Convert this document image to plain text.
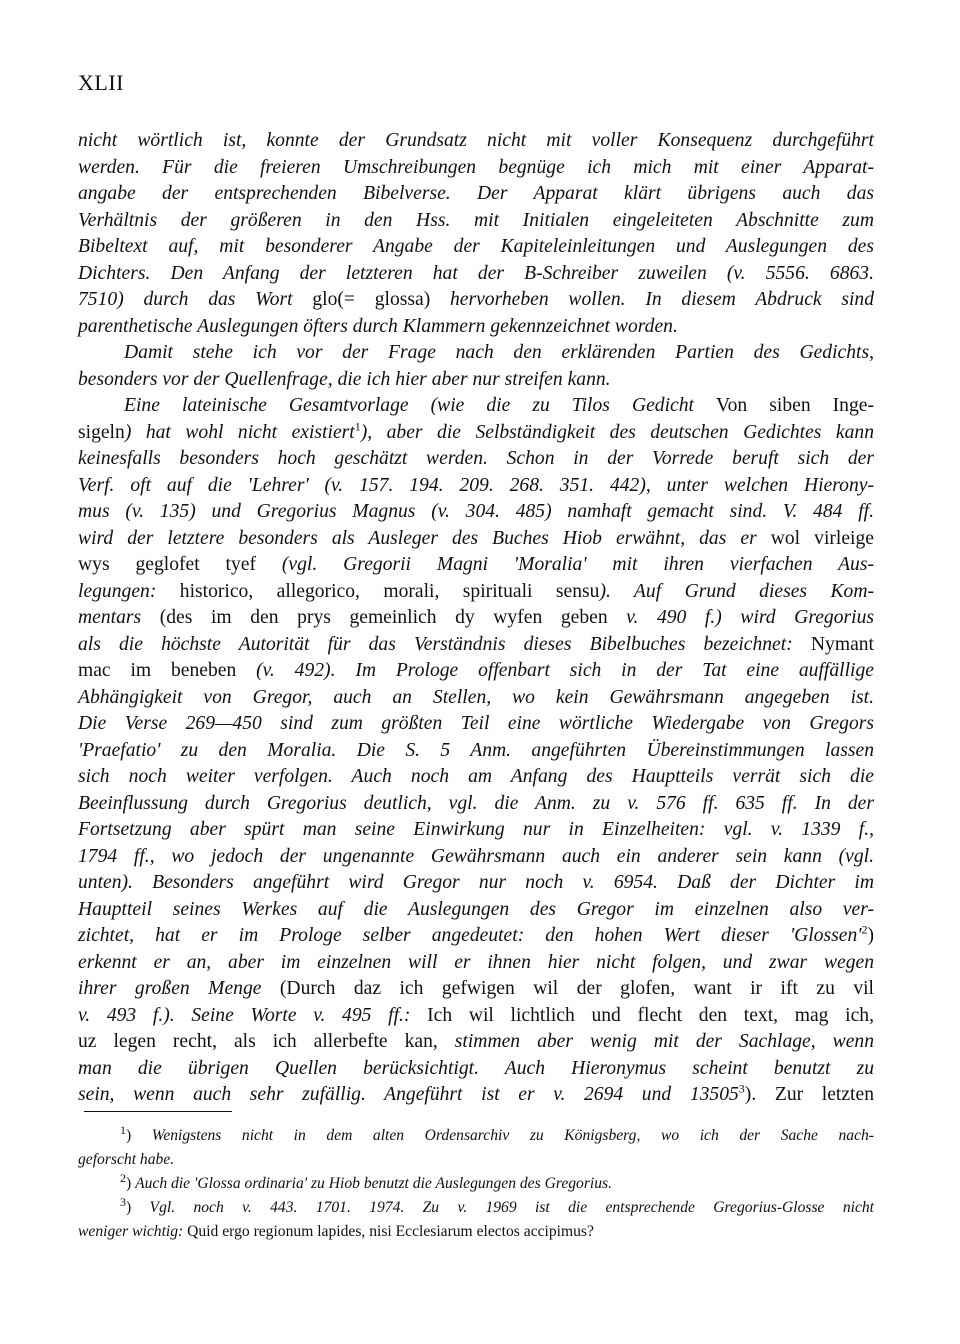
XLII
nicht wörtlich ist, konnte der Grundsatz nicht mit voller Konsequenz durchgeführt
werden. Für die freieren Umschreibungen begnüge ich mich mit einer Apparat-
angabe der entsprechenden Bibelverse. Der Apparat klärt übrigens auch das
Verhältnis der größeren in den Hss. mit Initialen eingeleiteten Abschnitte zum
Bibeltext auf, mit besonderer Angabe der Kapiteleinleitungen und Auslegungen des
Dichters. Den Anfang der letzteren hat der B-Schreiber zuweilen (v. 5556. 6863.
7510) durch das Wort glo(= glossa) hervorheben wollen. In diesem Abdruck sind
parenthetische Auslegungen öfters durch Klammern gekennzeichnet worden.
Damit stehe ich vor der Frage nach den erklärenden Partien des Gedichts,
besonders vor der Quellenfrage, die ich hier aber nur streifen kann.
Eine lateinische Gesamtvorlage (wie die zu Tilos Gedicht Von siben Inge-
sigeln) hat wohl nicht existiert$^1$), aber die Selbständigkeit des deutschen Gedichtes kann
keinesfalls besonders hoch geschätzt werden. Schon in der Vorrede beruft sich der
Verf. oft auf die 'Lehrer' (v. 157. 194. 209. 268. 351. 442), unter welchen Hierony-
mus (v. 135) und Gregorius Magnus (v. 304. 485) namhaft gemacht sind. V. 484 ff.
wird der letztere besonders als Ausleger des Buches Hiob erwähnt, das er wol virleige
wys geglofet tyef (vgl. Gregorii Magni 'Moralia' mit ihren vierfachen Aus-
legungen: historico, allegorico, morali, spirituali sensu). Auf Grund dieses Kom-
mentars (des im den prys gemeinlich dy wyfen geben v. 490 f.) wird Gregorius
als die höchste Autorität für das Verständnis dieses Bibelbuches bezeichnet: Nymant
mac im beneben (v. 492). Im Prologe offenbart sich in der Tat eine auffällige
Abhängigkeit von Gregor, auch an Stellen, wo kein Gewährsmann angegeben ist.
Die Verse 269—450 sind zum größten Teil eine wörtliche Wiedergabe von Gregors
'Praefatio' zu den Moralia. Die S. 5 Anm. angeführten Übereinstimmungen lassen
sich noch weiter verfolgen. Auch noch am Anfang des Hauptteils verrät sich die
Beeinflussung durch Gregorius deutlich, vgl. die Anm. zu v. 576 ff. 635 ff. In der
Fortsetzung aber spürt man seine Einwirkung nur in Einzelheiten: vgl. v. 1339 f.,
1794 ff., wo jedoch der ungenannte Gewährsmann auch ein anderer sein kann (vgl.
unten). Besonders angeführt wird Gregor nur noch v. 6954. Daß der Dichter im
Hauptteil seines Werkes auf die Auslegungen des Gregor im einzelnen also ver-
zichtet, hat er im Prologe selber angedeutet: den hohen Wert dieser '$Glossen'^2$)
erkennt er an, aber im einzelnen will er ihnen hier nicht folgen, und zwar wegen
ihrer großen Menge (Durch daz ich gefwigen wil der glofen, want ir ift zu vil
v. 493 f.). Seine Worte v. 495 ff.: Ich wil lichtlich und flecht den text, mag ich,
uz legen recht, als ich allerbefte kan, stimmen aber wenig mit der Sachlage, wenn
man die übrigen Quellen berücksichtigt. Auch Hieronymus scheint benutzt zu
sein, wenn auch sehr zufällig. Angeführt ist er v. 2694 und 13505$^3$). Zur letzten
$^1$) Wenigstens nicht in dem alten Ordensarchiv zu Königsberg, wo ich der Sache nach-
geforscht habe.
$^2$) Auch die 'Glossa ordinaria' zu Hiob benutzt die Auslegungen des Gregorius.
$^3$) Vgl. noch v. 443. 1701. 1974. Zu v. 1969 ist die entsprechende Gregorius-Glosse nicht
weniger wichtig: Quid ergo regionum lapides, nisi Ecclesiarum electos accipimus?
